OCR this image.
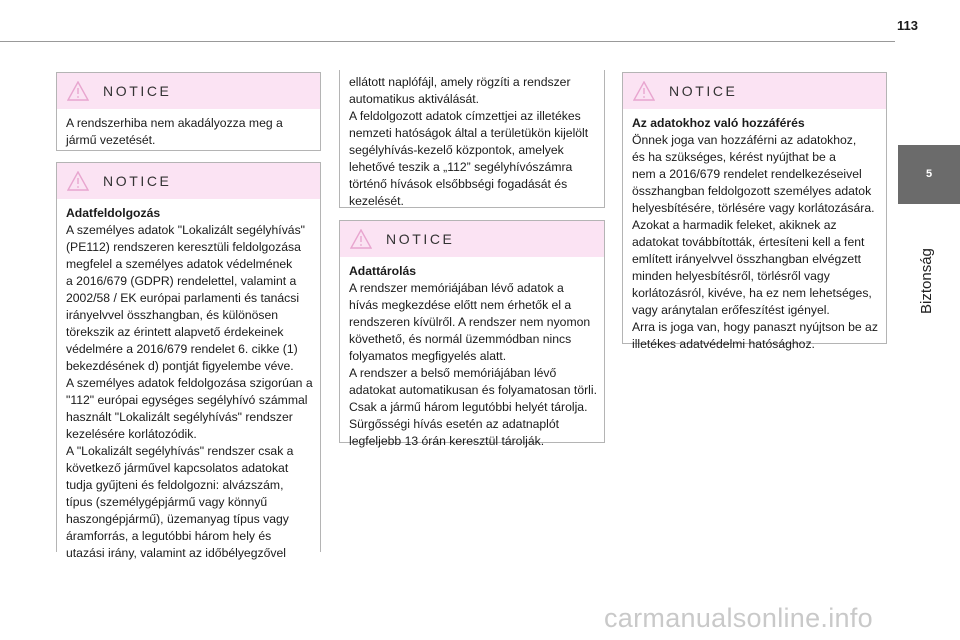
113
5
Biztonság
NOTICE
A rendszerhiba nem akadályozza meg a
jármű vezetését.
NOTICE
Adatfeldolgozás
A személyes adatok "Lokalizált segélyhívás"
(PE112) rendszeren keresztüli feldolgozása
megfelel a személyes adatok védelmének
a 2016/679 (GDPR) rendelettel, valamint a
2002/58 / EK európai parlamenti és tanácsi
irányelvvel összhangban, és különösen
törekszik az érintett alapvető érdekeinek
védelmére a 2016/679 rendelet 6. cikke (1)
bekezdésének d) pontját figyelembe véve.
A személyes adatok feldolgozása szigorúan a
"112" európai egységes segélyhívó számmal
használt "Lokalizált segélyhívás" rendszer
kezelésére korlátozódik.
A "Lokalizált segélyhívás" rendszer csak a
következő járművel kapcsolatos adatokat
tudja gyűjteni és feldolgozni: alvázszám,
típus (személygépjármű vagy könnyű
haszongépjármű), üzemanyag típus vagy
áramforrás, a legutóbbi három hely és
utazási irány, valamint az időbélyegzővel
ellátott naplófájl, amely rögzíti a rendszer
automatikus aktiválását.
A feldolgozott adatok címzettjei az illetékes
nemzeti hatóságok által a területükön kijelölt
segélyhívás-kezelő központok, amelyek
lehetővé teszik a „112” segélyhívószámra
történő hívások elsőbbségi fogadását és
kezelését.
NOTICE
Adattárolás
A rendszer memóriájában lévő adatok a
hívás megkezdése előtt nem érhetők el a
rendszeren kívülről. A rendszer nem nyomon
követhető, és normál üzemmódban nincs
folyamatos megfigyelés alatt.
A rendszer a belső memóriájában lévő
adatokat automatikusan és folyamatosan törli.
Csak a jármű három legutóbbi helyét tárolja.
Sürgősségi hívás esetén az adatnaplót
legfeljebb 13 órán keresztül tárolják.
NOTICE
Az adatokhoz való hozzáférés
Önnek joga van hozzáférni az adatokhoz,
és ha szükséges, kérést nyújthat be a
nem a 2016/679 rendelet rendelkezéseivel
összhangban feldolgozott személyes adatok
helyesbítésére, törlésére vagy korlátozására.
Azokat a harmadik feleket, akiknek az
adatokat továbbították, értesíteni kell a fent
említett irányelvvel összhangban elvégzett
minden helyesbítésről, törlésről vagy
korlátozásról, kivéve, ha ez nem lehetséges,
vagy aránytalan erőfeszítést igényel.
Arra is joga van, hogy panaszt nyújtson be az
illetékes adatvédelmi hatósághoz.
carmanualsonline.info
